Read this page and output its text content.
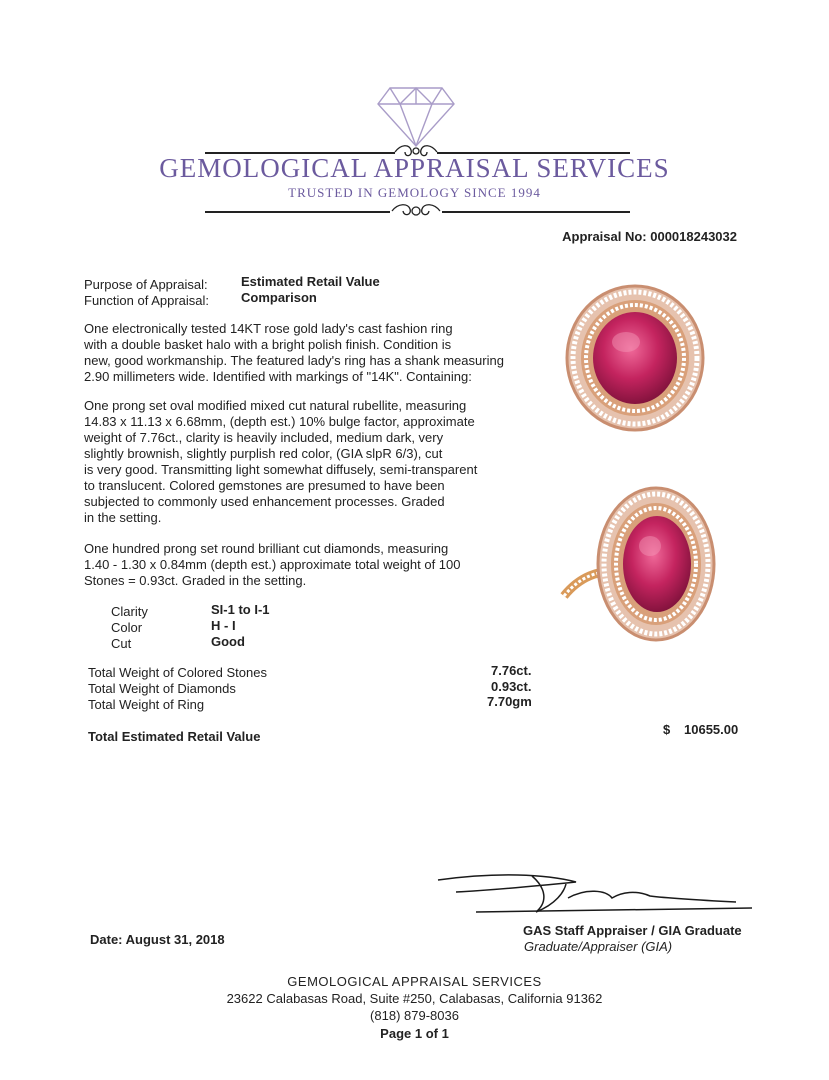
GEMOLOGICAL APPRAISAL SERVICES
TRUSTED IN GEMOLOGY SINCE 1994
Appraisal No: 000018243032
Purpose of Appraisal:	Estimated Retail Value
Function of Appraisal: Comparison
One electronically tested 14KT rose gold lady's cast fashion ring
with a double basket halo with a bright polish finish. Condition is
new, good workmanship. The featured lady's ring has a shank measuring
2.90 millimeters wide. Identified with markings of "14K". Containing:
One prong set oval modified mixed cut natural rubellite, measuring
14.83 x 11.13 x 6.68mm, (depth est.) 10% bulge factor, approximate
weight of 7.76ct., clarity is heavily included, medium dark, very
slightly brownish, slightly purplish red color, (GIA slpR 6/3), cut
is very good. Transmitting light somewhat diffusely, semi-transparent
to translucent. Colored gemstones are presumed to have been
subjected to commonly used enhancement processes. Graded
in the setting.
One hundred prong set round brilliant cut diamonds, measuring
1.40 - 1.30 x 0.84mm (depth est.) approximate total weight of 100
Stones = 0.93ct. Graded in the setting.
Clarity	SI-1 to I-1
Color	H - I
Cut	Good
Total Weight of Colored Stones	7.76ct.
Total Weight of Diamonds	0.93ct.
Total Weight of Ring	7.70gm
Total Estimated Retail Value	$ 10655.00
Date: August 31, 2018
GAS Staff Appraiser / GIA Graduate
Graduate/Appraiser (GIA)
GEMOLOGICAL APPRAISAL SERVICES
23622 Calabasas Road, Suite #250, Calabasas, California 91362
(818) 879-8036
Page 1 of 1
